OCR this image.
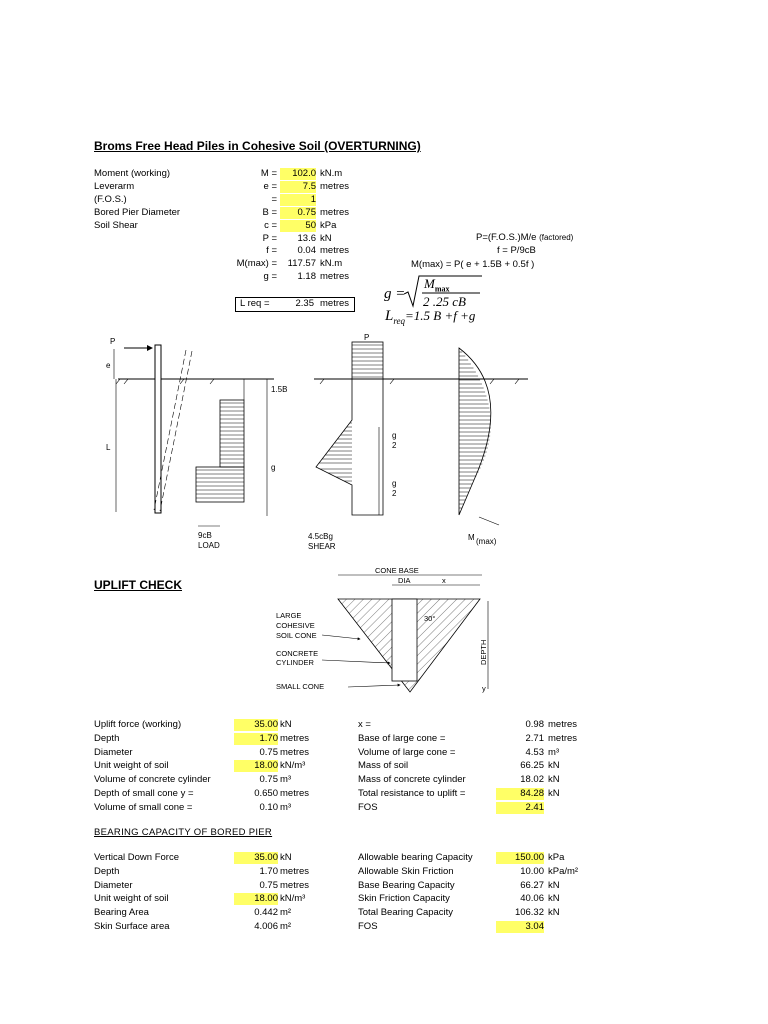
Broms Free Head Piles in Cohesive Soil (OVERTURNING)
Moment (working)	M =	102.0 kN.m
Leverarm	e =	7.5 metres
(F.O.S.)	=	1
Bored Pier Diameter	B =	0.75 metres
Soil Shear	c =	50 kPa
P =	13.6 kN
f =	0.04 metres
M(max) =	117.57 kN.m
g =	1.18 metres
L req =	2.35 metres
P=(F.O.S.)M/e (factored)
f = P/9cB
M(max) = P( e + 1.5B + 0.5f )
g =
$M_{max}$
2 .25 cB
$L_{req}=1.5$ B +f +g
P
e
L
1.5B
g
9cB
LOAD
P
g
2
g
2
4.5cBg
SHEAR
M (max)
UPLIFT CHECK
CONE BASE
DIA	x
30°
DEPTH
y
LARGE
COHESIVE
SOIL CONE
CONCRETE
CYLINDER
SMALL CONE
Uplift force (working)	35.00 kN
Depth	1.70 metres
Diameter	0.75 metres
Unit weight of soil	18.00 kN/m³
Volume of concrete cylinder	0.75 m³
Depth of small cone y =	0.650 metres
Volume of small cone =	0.10 m³
x =	0.98 metres
Base of large cone =	2.71 metres
Volume of large cone =	4.53 m³
Mass of soil	66.25 kN
Mass of concrete cylinder	18.02 kN
Total resistance to uplift =	84.28 kN
FOS	2.41
BEARING CAPACITY OF BORED PIER
Vertical Down Force	35.00 kN
Depth	1.70 metres
Diameter	0.75 metres
Unit weight of soil	18.00 kN/m³
Bearing Area	0.442 m²
Skin Surface area	4.006 m²
Allowable bearing Capacity	150.00 kPa
Allowable Skin Friction	10.00 kPa/m²
Base Bearing Capacity	66.27 kN
Skin Friction Capacity	40.06 kN
Total Bearing Capacity	106.32 kN
FOS	3.04
